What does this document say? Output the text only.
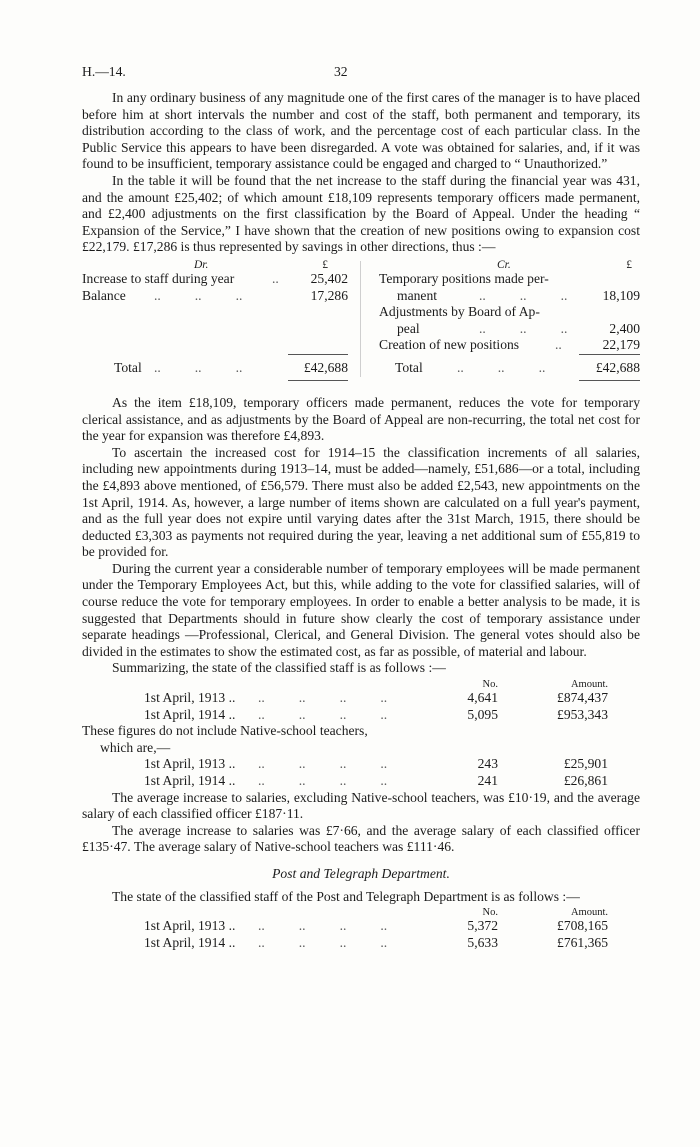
H.—14.	32

In any ordinary business of any magnitude one of the first cares of the manager is to have placed before him at short intervals the number and cost of the staff, both permanent and temporary, its distribution according to the class of work, and the percentage cost of each particular class. In the Public Service this appears to have been disregarded. A vote was obtained for salaries, and, if it was found to be insufficient, temporary assistance could be engaged and charged to “ Unauthorized.”

In the table it will be found that the net increase to the staff during the financial year was 431, and the amount £25,402; of which amount £18,109 represents temporary officers made permanent, and £2,400 adjustments on the first classification by the Board of Appeal. Under the heading “ Expansion of the Service,” I have shown that the creation of new positions owing to expansion cost £22,179. £17,286 is thus represented by savings in other directions, thus :—

Dr.	£
Increase to staff during year	.. 25,402
Balance ..          ..          ..	17,286
Total ..          ..          ..	£42,688
Cr.	£
Temporary positions made per-
manent	..          ..          ..	18,109
Adjustments by Board of Ap-
peal	..          ..          ..	2,400
Creation of new positions	..	22,179
Total	..          ..          ..	£42,688

As the item £18,109, temporary officers made permanent, reduces the vote for temporary clerical assistance, and as adjustments by the Board of Appeal are non-recurring, the total net cost for the year for expansion was therefore £4,893.

To ascertain the increased cost for 1914–15 the classification increments of all salaries, including new appointments during 1913–14, must be added—namely, £51,686—or a total, including the £4,893 above mentioned, of £56,579. There must also be added £2,543, new appointments on the 1st April, 1914. As, however, a large number of items shown are calculated on a full year's payment, and as the full year does not expire until varying dates after the 31st March, 1915, there should be deducted £3,303 as payments not required during the year, leaving a net additional sum of £55,819 to be provided for.

During the current year a considerable number of temporary employees will be made permanent under the Temporary Employees Act, but this, while adding to the vote for classified salaries, will of course reduce the vote for temporary employees. In order to enable a better analysis to be made, it is suggested that Departments should in future show clearly the cost of temporary assistance under separate headings —Professional, Clerical, and General Division. The general votes should also be divided in the estimates to show the estimated cost, as far as possible, of material and labour.

Summarizing, the state of the classified staff is as follows :—

No.	Amount.
1st April, 1913 .. ..          ..          ..          ..	4,641	£874,437
1st April, 1914 .. ..          ..          ..          ..	5,095	£953,343
These figures do not include Native-school teachers,
which are,—
1st April, 1913 .. ..          ..          ..          ..	243	£25,901
1st April, 1914 .. ..          ..          ..          ..	241	£26,861

The average increase to salaries, excluding Native-school teachers, was £10·19, and the average salary of each classified officer £187·11.

The average increase to salaries was £7·66, and the average salary of each classified officer £135·47. The average salary of Native-school teachers was £111·46.

Post and Telegraph Department.

The state of the classified staff of the Post and Telegraph Department is as follows :—

No.	Amount.
1st April, 1913 .. ..          ..          ..          ..	5,372	£708,165
1st April, 1914 .. ..          ..          ..          ..	5,633	£761,365
